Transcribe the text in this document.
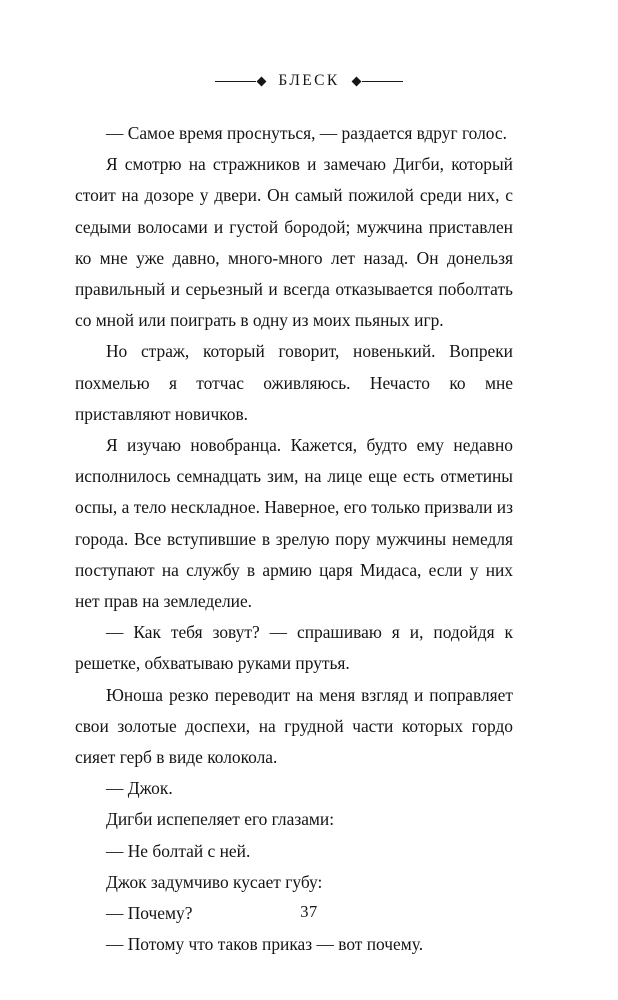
БЛЕСК

— Самое время проснуться, — раздается вдруг голос.

Я смотрю на стражников и замечаю Дигби, который стоит на дозоре у двери. Он самый пожилой среди них, с седыми волосами и густой бородой; мужчина приставлен ко мне уже давно, много-много лет назад. Он донельзя правильный и серьезный и всегда отказывается поболтать со мной или поиграть в одну из моих пьяных игр.

Но страж, который говорит, новенький. Вопреки похмелью я тотчас оживляюсь. Нечасто ко мне приставляют новичков.

Я изучаю новобранца. Кажется, будто ему недавно исполнилось семнадцать зим, на лице еще есть отметины оспы, а тело нескладное. Наверное, его только призвали из города. Все вступившие в зрелую пору мужчины немедля поступают на службу в армию царя Мидаса, если у них нет прав на земледелие.

— Как тебя зовут? — спрашиваю я и, подойдя к решетке, обхватываю руками прутья.

Юноша резко переводит на меня взгляд и поправляет свои золотые доспехи, на грудной части которых гордо сияет герб в виде колокола.

— Джок.

Дигби испепеляет его глазами:

— Не болтай с ней.

Джок задумчиво кусает губу:

— Почему?

— Потому что таков приказ — вот почему.

37
